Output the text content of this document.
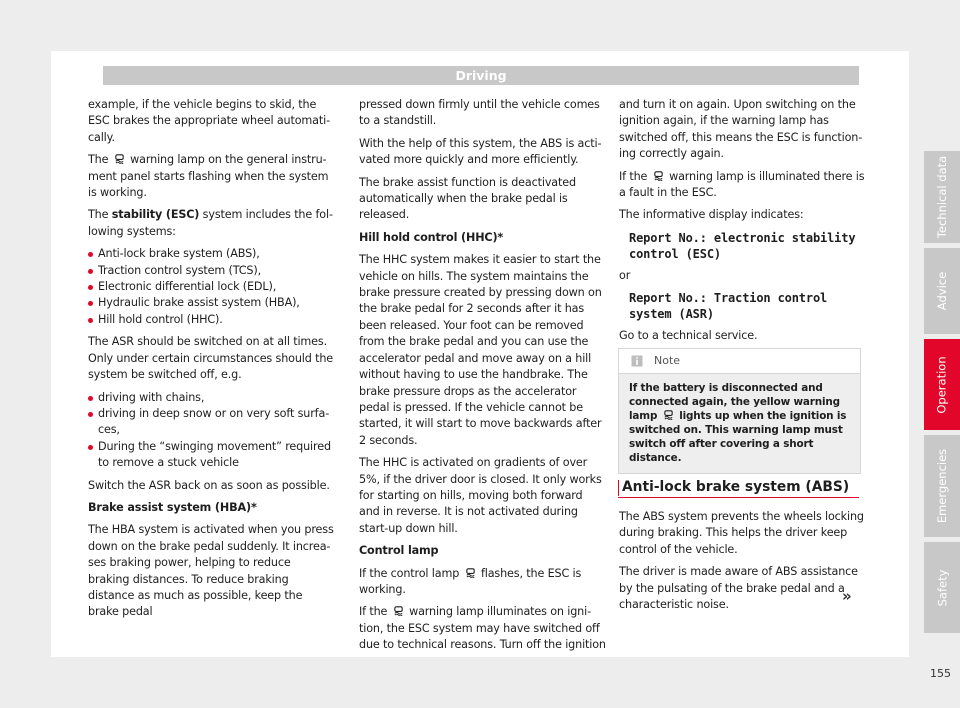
Driving

example, if the vehicle begins to skid, the ESC brakes the appropriate wheel automatically.

The warning lamp on the general instrument panel starts flashing when the system is working.

The stability (ESC) system includes the following systems:

Anti-lock brake system (ABS),
Traction control system (TCS),
Electronic differential lock (EDL),
Hydraulic brake assist system (HBA),
Hill hold control (HHC).

The ASR should be switched on at all times. Only under certain circumstances should the system be switched off, e.g.

driving with chains,
driving in deep snow or on very soft surfaces,
During the “swinging movement” required to remove a stuck vehicle

Switch the ASR back on as soon as possible.

Brake assist system (HBA)*

The HBA system is activated when you press down on the brake pedal suddenly. It increases braking power, helping to reduce braking distances. To reduce braking distance as much as possible, keep the brake pedal

pressed down firmly until the vehicle comes to a standstill.

With the help of this system, the ABS is activated more quickly and more efficiently.

The brake assist function is deactivated automatically when the brake pedal is released.

Hill hold control (HHC)*

The HHC system makes it easier to start the vehicle on hills. The system maintains the brake pressure created by pressing down on the brake pedal for 2 seconds after it has been released. Your foot can be removed from the brake pedal and you can use the accelerator pedal and move away on a hill without having to use the handbrake. The brake pressure drops as the accelerator pedal is pressed. If the vehicle cannot be started, it will start to move backwards after 2 seconds.

The HHC is activated on gradients of over 5%, if the driver door is closed. It only works for starting on hills, moving both forward and in reverse. It is not activated during start-up down hill.

Control lamp

If the control lamp flashes, the ESC is working.

If the warning lamp illuminates on ignition, the ESC system may have switched off due to technical reasons. Turn off the ignition

and turn it on again. Upon switching on the ignition again, if the warning lamp has switched off, this means the ESC is functioning correctly again.

If the warning lamp is illuminated there is a fault in the ESC.

The informative display indicates:

Report No.: electronic stability control (ESC)

or

Report No.: Traction control system (ASR)

Go to a technical service.

Note
If the battery is disconnected and connected again, the yellow warning lamp lights up when the ignition is switched on. This warning lamp must switch off after covering a short distance.
Anti-lock brake system (ABS)

The ABS system prevents the wheels locking during braking. This helps the driver keep control of the vehicle.

The driver is made aware of ABS assistance by the pulsating of the brake pedal and a characteristic noise.	»
Technical data
Advice
Operation
Emergencies
Safety
155
